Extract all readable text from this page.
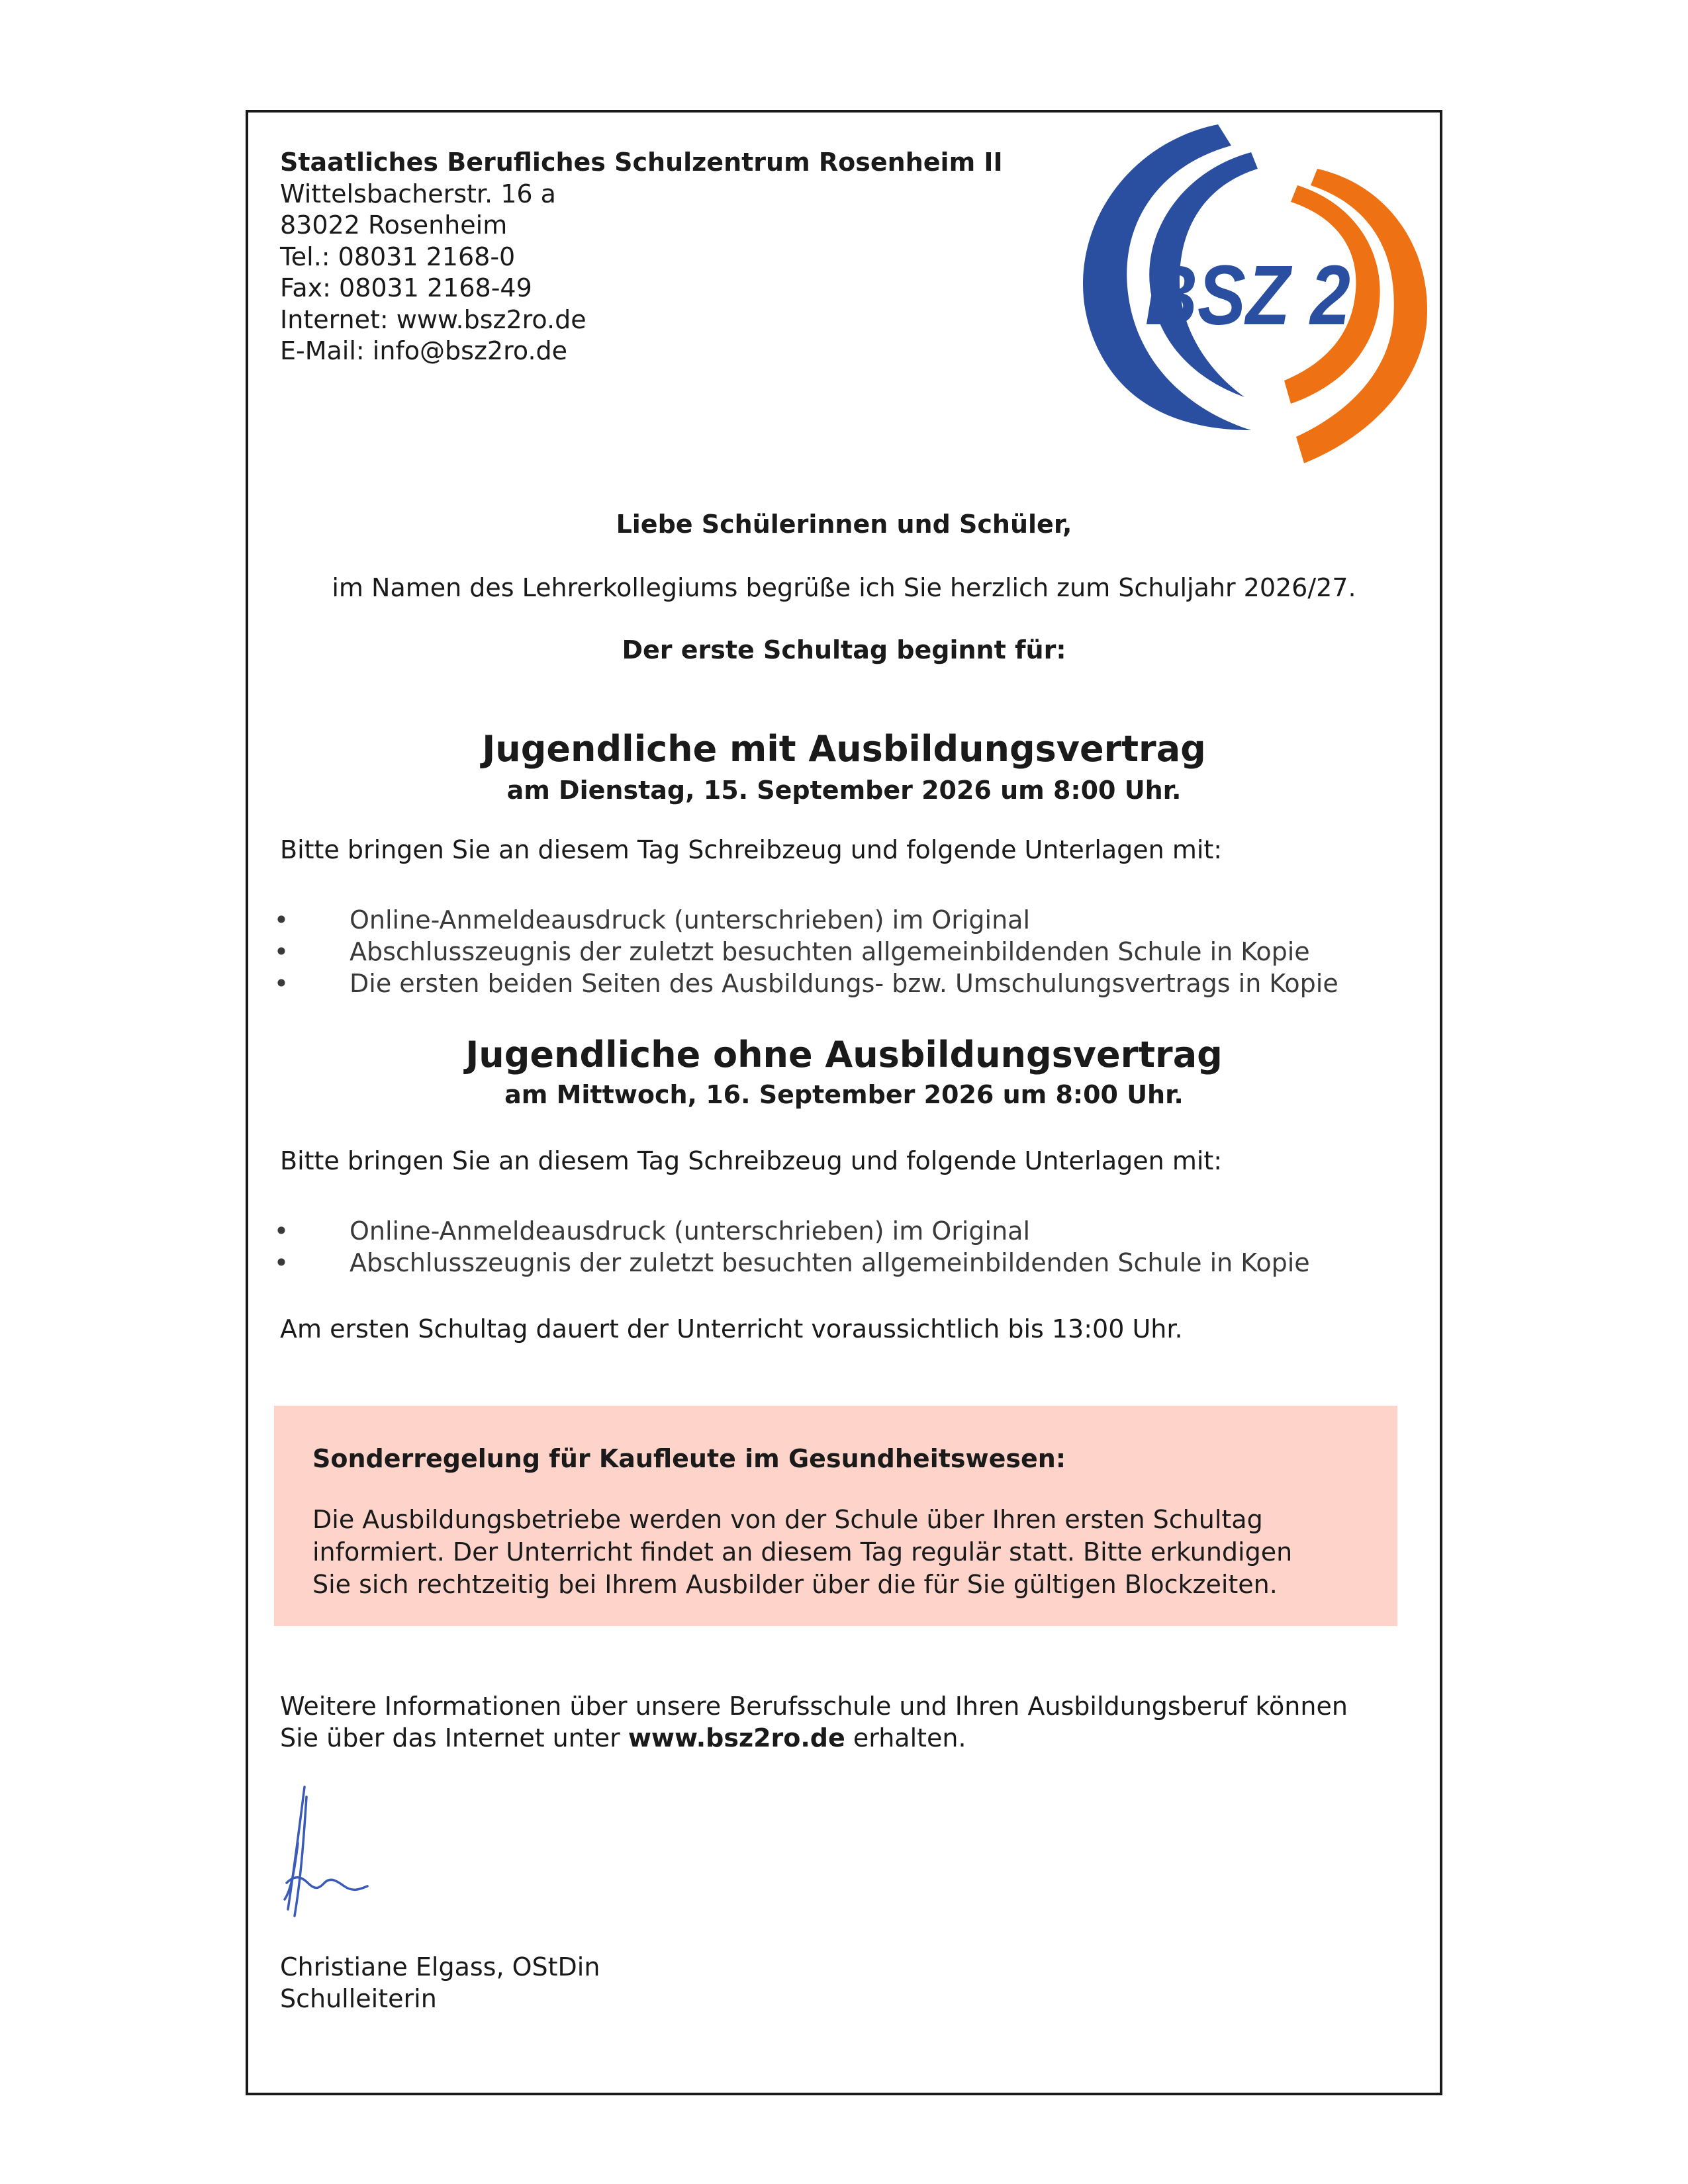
Staatliches Berufliches Schulzentrum Rosenheim II
Wittelsbacherstr. 16 a
83022 Rosenheim
Tel.: 08031 2168-0
Fax: 08031 2168-49
Internet: www.bsz2ro.de
E-Mail: info@bsz2ro.de
BSZ 2
Liebe Schülerinnen und Schüler,
im Namen des Lehrerkollegiums begrüße ich Sie herzlich zum Schuljahr 2026/27.
Der erste Schultag beginnt für:
Jugendliche mit Ausbildungsvertrag
am Dienstag, 15. September 2026 um 8:00 Uhr.
Bitte bringen Sie an diesem Tag Schreibzeug und folgende Unterlagen mit:
• Online-Anmeldeausdruck (unterschrieben) im Original
• Abschlusszeugnis der zuletzt besuchten allgemeinbildenden Schule in Kopie
• Die ersten beiden Seiten des Ausbildungs- bzw. Umschulungsvertrags in Kopie
Jugendliche ohne Ausbildungsvertrag
am Mittwoch, 16. September 2026 um 8:00 Uhr.
Bitte bringen Sie an diesem Tag Schreibzeug und folgende Unterlagen mit:
• Online-Anmeldeausdruck (unterschrieben) im Original
• Abschlusszeugnis der zuletzt besuchten allgemeinbildenden Schule in Kopie
Am ersten Schultag dauert der Unterricht voraussichtlich bis 13:00 Uhr.
Sonderregelung für Kaufleute im Gesundheitswesen:
Die Ausbildungsbetriebe werden von der Schule über Ihren ersten Schultag
informiert. Der Unterricht findet an diesem Tag regulär statt. Bitte erkundigen
Sie sich rechtzeitig bei Ihrem Ausbilder über die für Sie gültigen Blockzeiten.
Weitere Informationen über unsere Berufsschule und Ihren Ausbildungsberuf können
Sie über das Internet unter www.bsz2ro.de erhalten.
Christiane Elgass, OStDin
Schulleiterin
